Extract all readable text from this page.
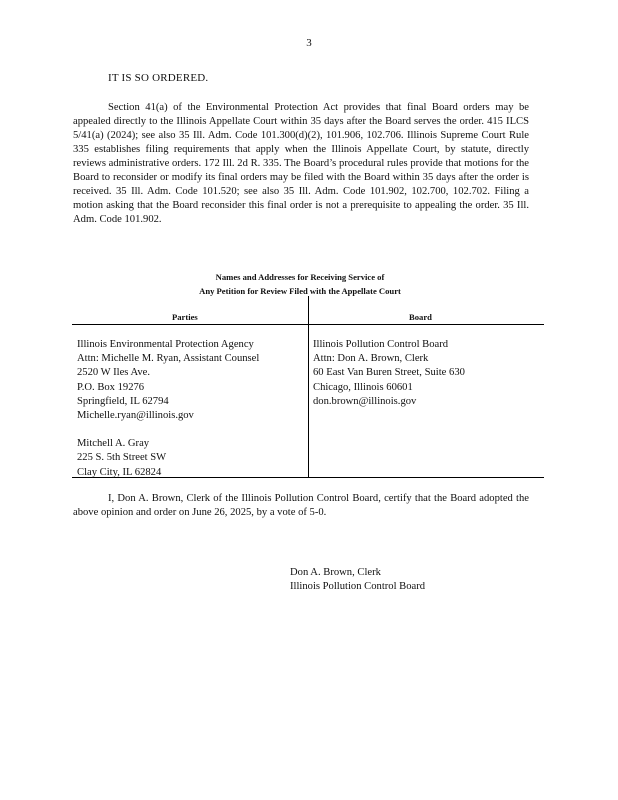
3
IT IS SO ORDERED.

Section 41(a) of the Environmental Protection Act provides that final Board orders may be appealed directly to the Illinois Appellate Court within 35 days after the Board serves the order. 415 ILCS 5/41(a) (2024); see also 35 Ill. Adm. Code 101.300(d)(2), 101.906, 102.706. Illinois Supreme Court Rule 335 establishes filing requirements that apply when the Illinois Appellate Court, by statute, directly reviews administrative orders. 172 Ill. 2d R. 335. The Board’s procedural rules provide that motions for the Board to reconsider or modify its final orders may be filed with the Board within 35 days after the order is received. 35 Ill. Adm. Code 101.520; see also 35 Ill. Adm. Code 101.902, 102.700, 102.702. Filing a motion asking that the Board reconsider this final order is not a prerequisite to appealing the order. 35 Ill. Adm. Code 101.902.

Names and Addresses for Receiving Service of
Any Petition for Review Filed with the Appellate Court
Parties	Board
Illinois Environmental Protection Agency
Attn: Michelle M. Ryan, Assistant Counsel
2520 W Iles Ave.
P.O. Box 19276
Springfield, IL 62794
Michelle.ryan@illinois.gov
Mitchell A. Gray
225 S. 5th Street SW
Clay City, IL 62824
Illinois Pollution Control Board
Attn: Don A. Brown, Clerk
60 East Van Buren Street, Suite 630
Chicago, Illinois 60601
don.brown@illinois.gov

I, Don A. Brown, Clerk of the Illinois Pollution Control Board, certify that the Board adopted the above opinion and order on June 26, 2025, by a vote of 5-0.

Don A. Brown, Clerk
Illinois Pollution Control Board
